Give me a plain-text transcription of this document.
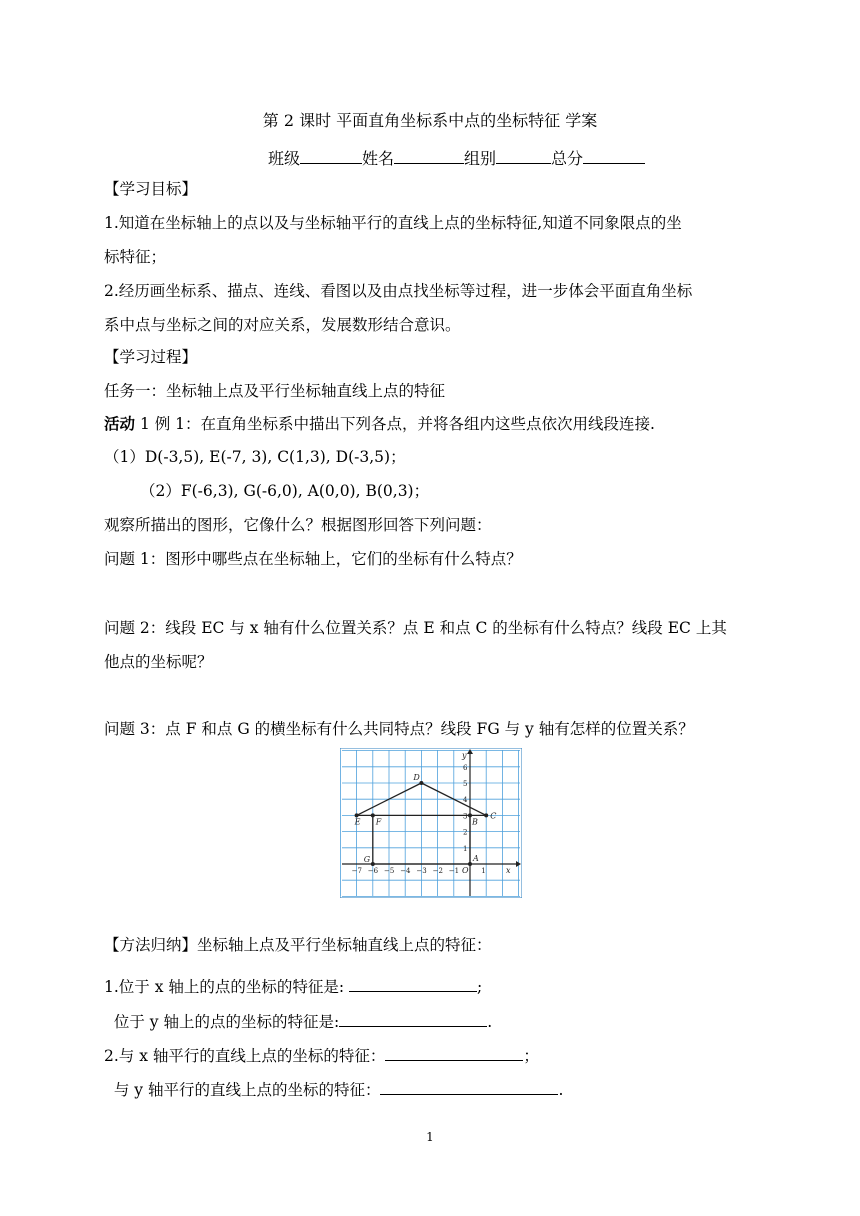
第 2 课时 平面直角坐标系中点的坐标特征 学案
班级	姓名	组别	总分
【学习目标】
1.知道在坐标轴上的点以及与坐标轴平行的直线上点的坐标特征,知道不同象限点的坐
标特征；
2.经历画坐标系、描点、连线、看图以及由点找坐标等过程，进一步体会平面直角坐标
系中点与坐标之间的对应关系，发展数形结合意识。
【学习过程】
任务一：坐标轴上点及平行坐标轴直线上点的特征
活动 1 例 1：在直角坐标系中描出下列各点，并将各组内这些点依次用线段连接.
（1）D(-3,5), E(-7, 3), C(1,3), D(-3,5)；
（2）F(-6,3), G(-6,0), A(0,0), B(0,3)；
观察所描出的图形，它像什么？根据图形回答下列问题：
问题 1：图形中哪些点在坐标轴上，它们的坐标有什么特点？
问题 2：线段 EC 与 x 轴有什么位置关系？点 E 和点 C 的坐标有什么特点？线段 EC 上其
他点的坐标呢？
问题 3：点 F 和点 G 的横坐标有什么共同特点？线段 FG 与 y 轴有怎样的位置关系？
D
E
C
F
G	A
B
−7 −6 −5 −4 −3 −2 −1	1
1
2
3
4
5
6
O	x
y
【方法归纳】坐标轴上点及平行坐标轴直线上点的特征：
1.位于 x 轴上的点的坐标的特征是:	;
位于 y 轴上的点的坐标的特征是:	.
2.与 x 轴平行的直线上点的坐标的特征：	；
与 y 轴平行的直线上点的坐标的特征：	.
1
